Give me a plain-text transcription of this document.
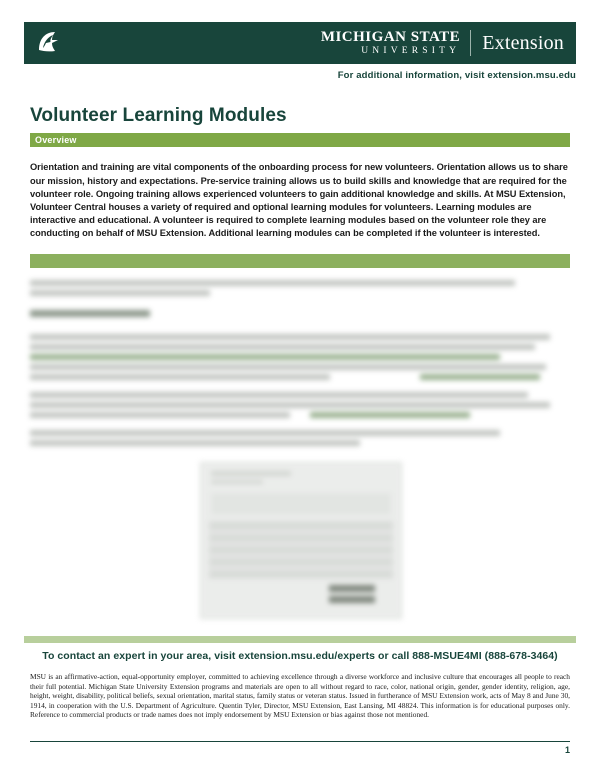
MICHIGAN STATE
UNIVERSITY	Extension
For additional information, visit extension.msu.edu
Volunteer Learning Modules
Overview

Orientation and training are vital components of the onboarding process for new volunteers. Orientation allows us to share our mission, history and expectations. Pre-service training allows us to build skills and knowledge that are required for the volunteer role. Ongoing training allows experienced volunteers to gain additional knowledge and skills. At MSU Extension, Volunteer Central houses a variety of required and optional learning modules for volunteers. Learning modules are interactive and educational. A volunteer is required to complete learning modules based on the volunteer role they are conducting on behalf of MSU Extension. Additional learning modules can be completed if the volunteer is interested.

To contact an expert in your area, visit extension.msu.edu/experts or call 888-MSUE4MI (888-678-3464)
MSU is an affirmative-action, equal-opportunity employer, committed to achieving excellence through a diverse workforce and inclusive culture that encourages all people to reach their full potential. Michigan State University Extension programs and materials are open to all without regard to race, color, national origin, gender, gender identity, religion, age, height, weight, disability, political beliefs, sexual orientation, marital status, family status or veteran status. Issued in furtherance of MSU Extension work, acts of May 8 and June 30, 1914, in cooperation with the U.S. Department of Agriculture. Quentin Tyler, Director, MSU Extension, East Lansing, MI 48824. This information is for educational purposes only. Reference to commercial products or trade names does not imply endorsement by MSU Extension or bias against those not mentioned.
1
